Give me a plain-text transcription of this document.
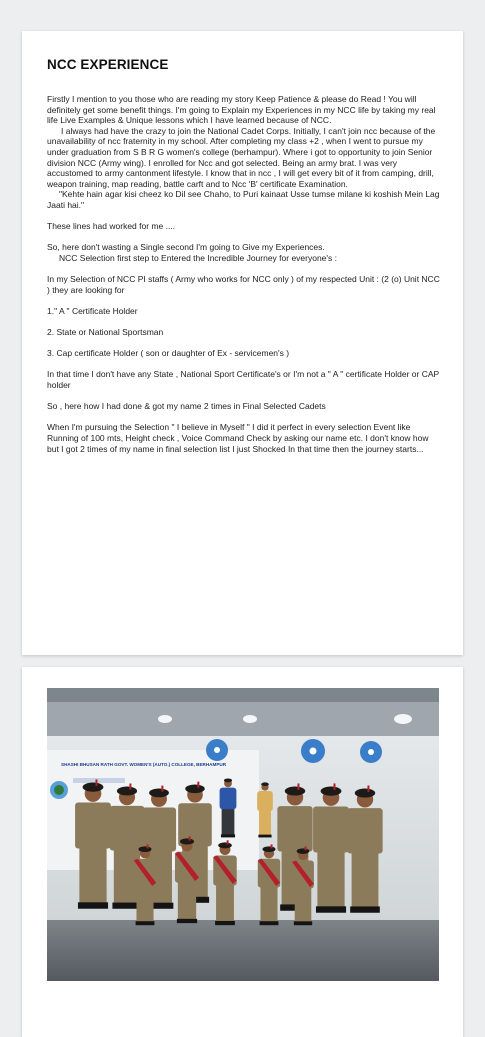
NCC EXPERIENCE

Firstly I mention to you those who are reading my story Keep Patience & please do Read ! You will definitely get some benefit things. I'm going to Explain my Experiences in my NCC life by taking my real life Live Examples & Unique lessons which I have learned because of NCC.

I always had have the crazy to join the National Cadet Corps. Initially, I can't join ncc because of the unavailability of ncc fraternity in my school. After completing my class +2 , when I went to pursue my under graduation from S B R G women's college (berhampur). Where i got to opportunity to join Senior division NCC (Army wing). I enrolled for Ncc and got selected. Being an army brat. I was very accustomed to army cantonment lifestyle. I know that in ncc , I will get every bit of it from camping, drill, weapon training, map reading, battle carft and to Ncc 'B' certificate Examination.

"Kehte hain agar kisi cheez ko Dil see Chaho, to Puri kainaat Usse tumse milane ki koshish Mein Lag Jaati hai."

These lines had worked for me ....

So, here don't wasting a Single second I'm going to Give my Experiences.

NCC Selection first step to Entered the Incredible Journey for everyone's :

In my Selection of NCC PI staffs ( Army who works for NCC only ) of my respected Unit : (2 (o) Unit NCC ) they are looking for

1." A " Certificate Holder

2. State or National Sportsman

3. Cap certificate Holder ( son or daughter of Ex - servicemen's )

In that time I don't have any State , National Sport Certificate's or I'm not a " A " certificate Holder or CAP holder

So , here how I had done & got my name 2 times in Final Selected Cadets

When I'm pursuing the Selection " I believe in Myself " I did it perfect in every selection Event like Running of 100 mts, Height check , Voice Command Check by asking our name etc. I don't know how but I got 2 times of my name in final selection list I just Shocked In that time then the journey starts...

SHASHI BHUSAN RATH GOVT. WOMEN'S (AUTO.) COLLEGE, BERHAMPUR
